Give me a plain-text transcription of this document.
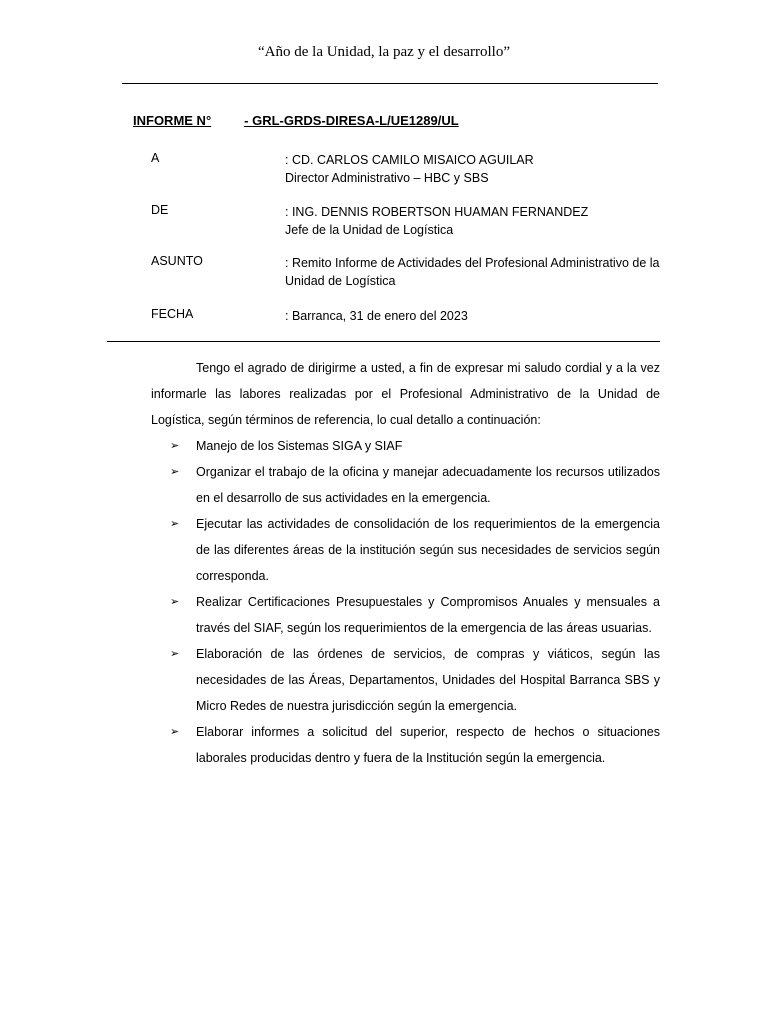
“Año de la Unidad, la paz y el desarrollo”
INFORME N°	- GRL-GRDS-DIRESA-L/UE1289/UL
A	: CD. CARLOS CAMILO MISAICO AGUILAR
Director Administrativo – HBC y SBS
DE	: ING. DENNIS ROBERTSON HUAMAN FERNANDEZ
Jefe de la Unidad de Logística
ASUNTO	: Remito Informe de Actividades del Profesional Administrativo de la Unidad de Logística
FECHA	: Barranca, 31 de enero del 2023

Tengo el agrado de dirigirme a usted, a fin de expresar mi saludo cordial y a la vez informarle las labores realizadas por el Profesional Administrativo de la Unidad de Logística, según términos de referencia, lo cual detallo a continuación:

➢ Manejo de los Sistemas SIGA y SIAF
➢ Organizar el trabajo de la oficina y manejar adecuadamente los recursos utilizados en el desarrollo de sus actividades en la emergencia.
➢ Ejecutar las actividades de consolidación de los requerimientos de la emergencia de las diferentes áreas de la institución según sus necesidades de servicios según corresponda.
➢ Realizar Certificaciones Presupuestales y Compromisos Anuales y mensuales a través del SIAF, según los requerimientos de la emergencia de las áreas usuarias.
➢ Elaboración de las órdenes de servicios, de compras y viáticos, según las necesidades de las Áreas, Departamentos, Unidades del Hospital Barranca SBS y Micro Redes de nuestra jurisdicción según la emergencia.
➢ Elaborar informes a solicitud del superior, respecto de hechos o situaciones laborales producidas dentro y fuera de la Institución según la emergencia.
